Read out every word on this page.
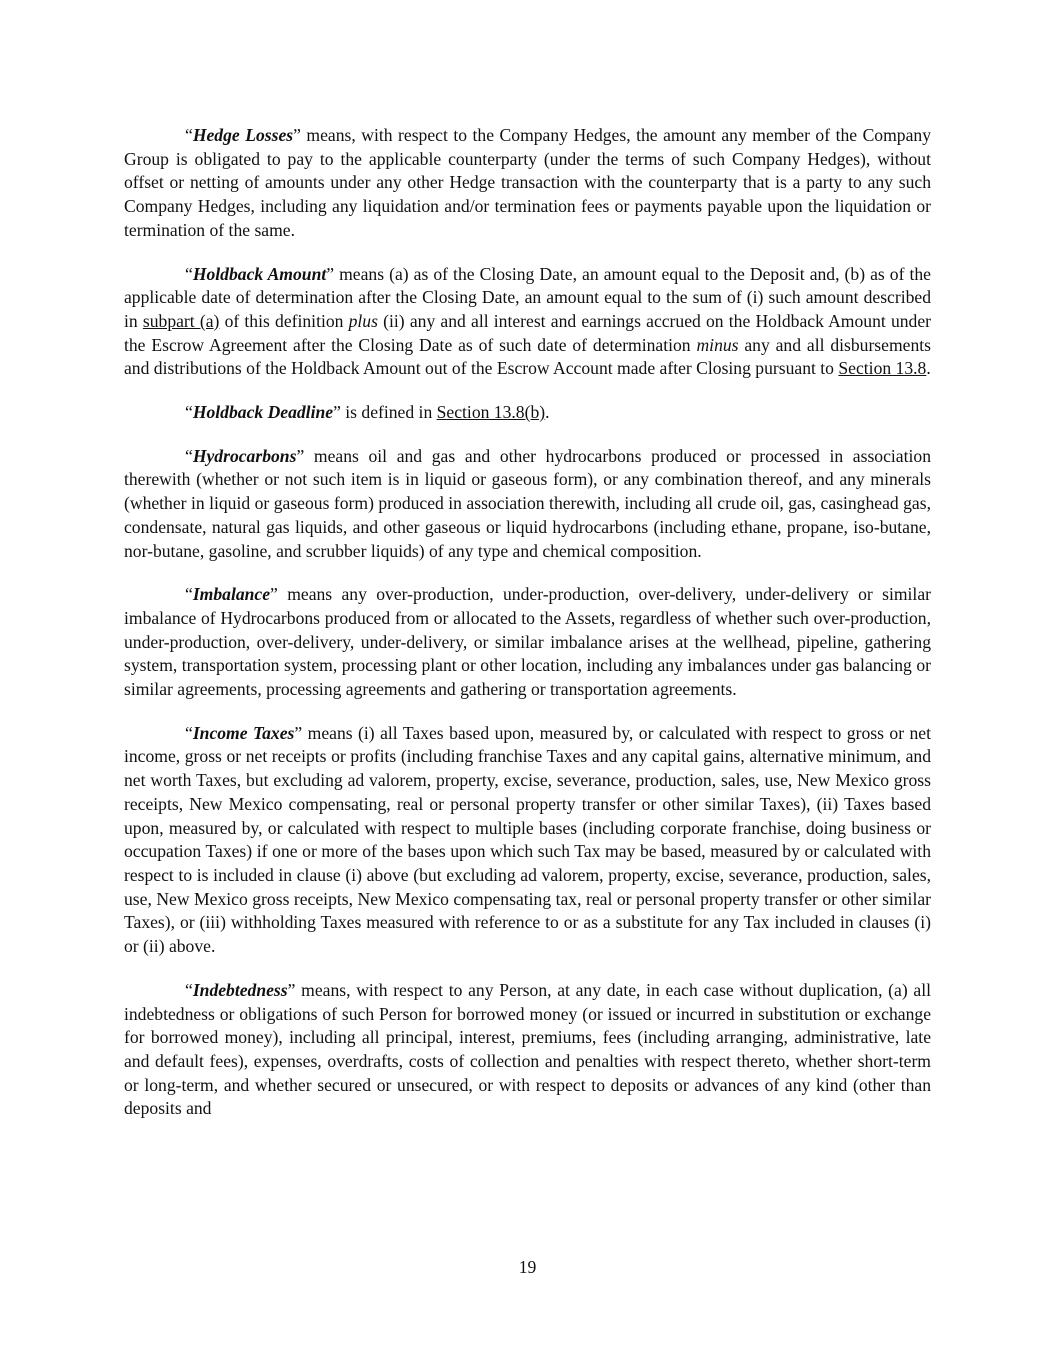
“Hedge Losses” means, with respect to the Company Hedges, the amount any member of the Company Group is obligated to pay to the applicable counterparty (under the terms of such Company Hedges), without offset or netting of amounts under any other Hedge transaction with the counterparty that is a party to any such Company Hedges, including any liquidation and/or termination fees or payments payable upon the liquidation or termination of the same.

“Holdback Amount” means (a) as of the Closing Date, an amount equal to the Deposit and, (b) as of the applicable date of determination after the Closing Date, an amount equal to the sum of (i) such amount described in subpart (a) of this definition plus (ii) any and all interest and earnings accrued on the Holdback Amount under the Escrow Agreement after the Closing Date as of such date of determination minus any and all disbursements and distributions of the Holdback Amount out of the Escrow Account made after Closing pursuant to Section 13.8.

“Holdback Deadline” is defined in Section 13.8(b).

“Hydrocarbons” means oil and gas and other hydrocarbons produced or processed in association therewith (whether or not such item is in liquid or gaseous form), or any combination thereof, and any minerals (whether in liquid or gaseous form) produced in association therewith, including all crude oil, gas, casinghead gas, condensate, natural gas liquids, and other gaseous or liquid hydrocarbons (including ethane, propane, iso-butane, nor-butane, gasoline, and scrubber liquids) of any type and chemical composition.

“Imbalance” means any over-production, under-production, over-delivery, under-delivery or similar imbalance of Hydrocarbons produced from or allocated to the Assets, regardless of whether such over-production, under-production, over-delivery, under-delivery, or similar imbalance arises at the wellhead, pipeline, gathering system, transportation system, processing plant or other location, including any imbalances under gas balancing or similar agreements, processing agreements and gathering or transportation agreements.

“Income Taxes” means (i) all Taxes based upon, measured by, or calculated with respect to gross or net income, gross or net receipts or profits (including franchise Taxes and any capital gains, alternative minimum, and net worth Taxes, but excluding ad valorem, property, excise, severance, production, sales, use, New Mexico gross receipts, New Mexico compensating, real or personal property transfer or other similar Taxes), (ii) Taxes based upon, measured by, or calculated with respect to multiple bases (including corporate franchise, doing business or occupation Taxes) if one or more of the bases upon which such Tax may be based, measured by or calculated with respect to is included in clause (i) above (but excluding ad valorem, property, excise, severance, production, sales, use, New Mexico gross receipts, New Mexico compensating tax, real or personal property transfer or other similar Taxes), or (iii) withholding Taxes measured with reference to or as a substitute for any Tax included in clauses (i) or (ii) above.

“Indebtedness” means, with respect to any Person, at any date, in each case without duplication, (a) all indebtedness or obligations of such Person for borrowed money (or issued or incurred in substitution or exchange for borrowed money), including all principal, interest, premiums, fees (including arranging, administrative, late and default fees), expenses, overdrafts, costs of collection and penalties with respect thereto, whether short-term or long-term, and whether secured or unsecured, or with respect to deposits or advances of any kind (other than deposits and

19
